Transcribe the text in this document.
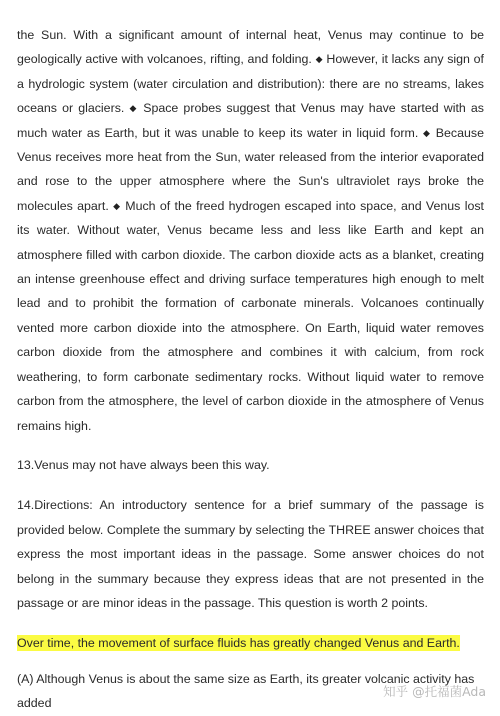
the Sun. With a significant amount of internal heat, Venus may continue to be geologically active with volcanoes, rifting, and folding. ◆ However, it lacks any sign of a hydrologic system (water circulation and distribution): there are no streams, lakes oceans or glaciers. ◆ Space probes suggest that Venus may have started with as much water as Earth, but it was unable to keep its water in liquid form. ◆ Because Venus receives more heat from the Sun, water released from the interior evaporated and rose to the upper atmosphere where the Sun's ultraviolet rays broke the molecules apart. ◆ Much of the freed hydrogen escaped into space, and Venus lost its water. Without water, Venus became less and less like Earth and kept an atmosphere filled with carbon dioxide. The carbon dioxide acts as a blanket, creating an intense greenhouse effect and driving surface temperatures high enough to melt lead and to prohibit the formation of carbonate minerals. Volcanoes continually vented more carbon dioxide into the atmosphere. On Earth, liquid water removes carbon dioxide from the atmosphere and combines it with calcium, from rock weathering, to form carbonate sedimentary rocks. Without liquid water to remove carbon from the atmosphere, the level of carbon dioxide in the atmosphere of Venus remains high.

13.Venus may not have always been this way.

14.Directions: An introductory sentence for a brief summary of the passage is provided below. Complete the summary by selecting the THREE answer choices that express the most important ideas in the passage. Some answer choices do not belong in the summary because they express ideas that are not presented in the passage or are minor ideas in the passage. This question is worth 2 points.

Over time, the movement of surface fluids has greatly changed Venus and Earth.

(A) Although Venus is about the same size as Earth, its greater volcanic activity has added

知乎 @托福菌Ada
